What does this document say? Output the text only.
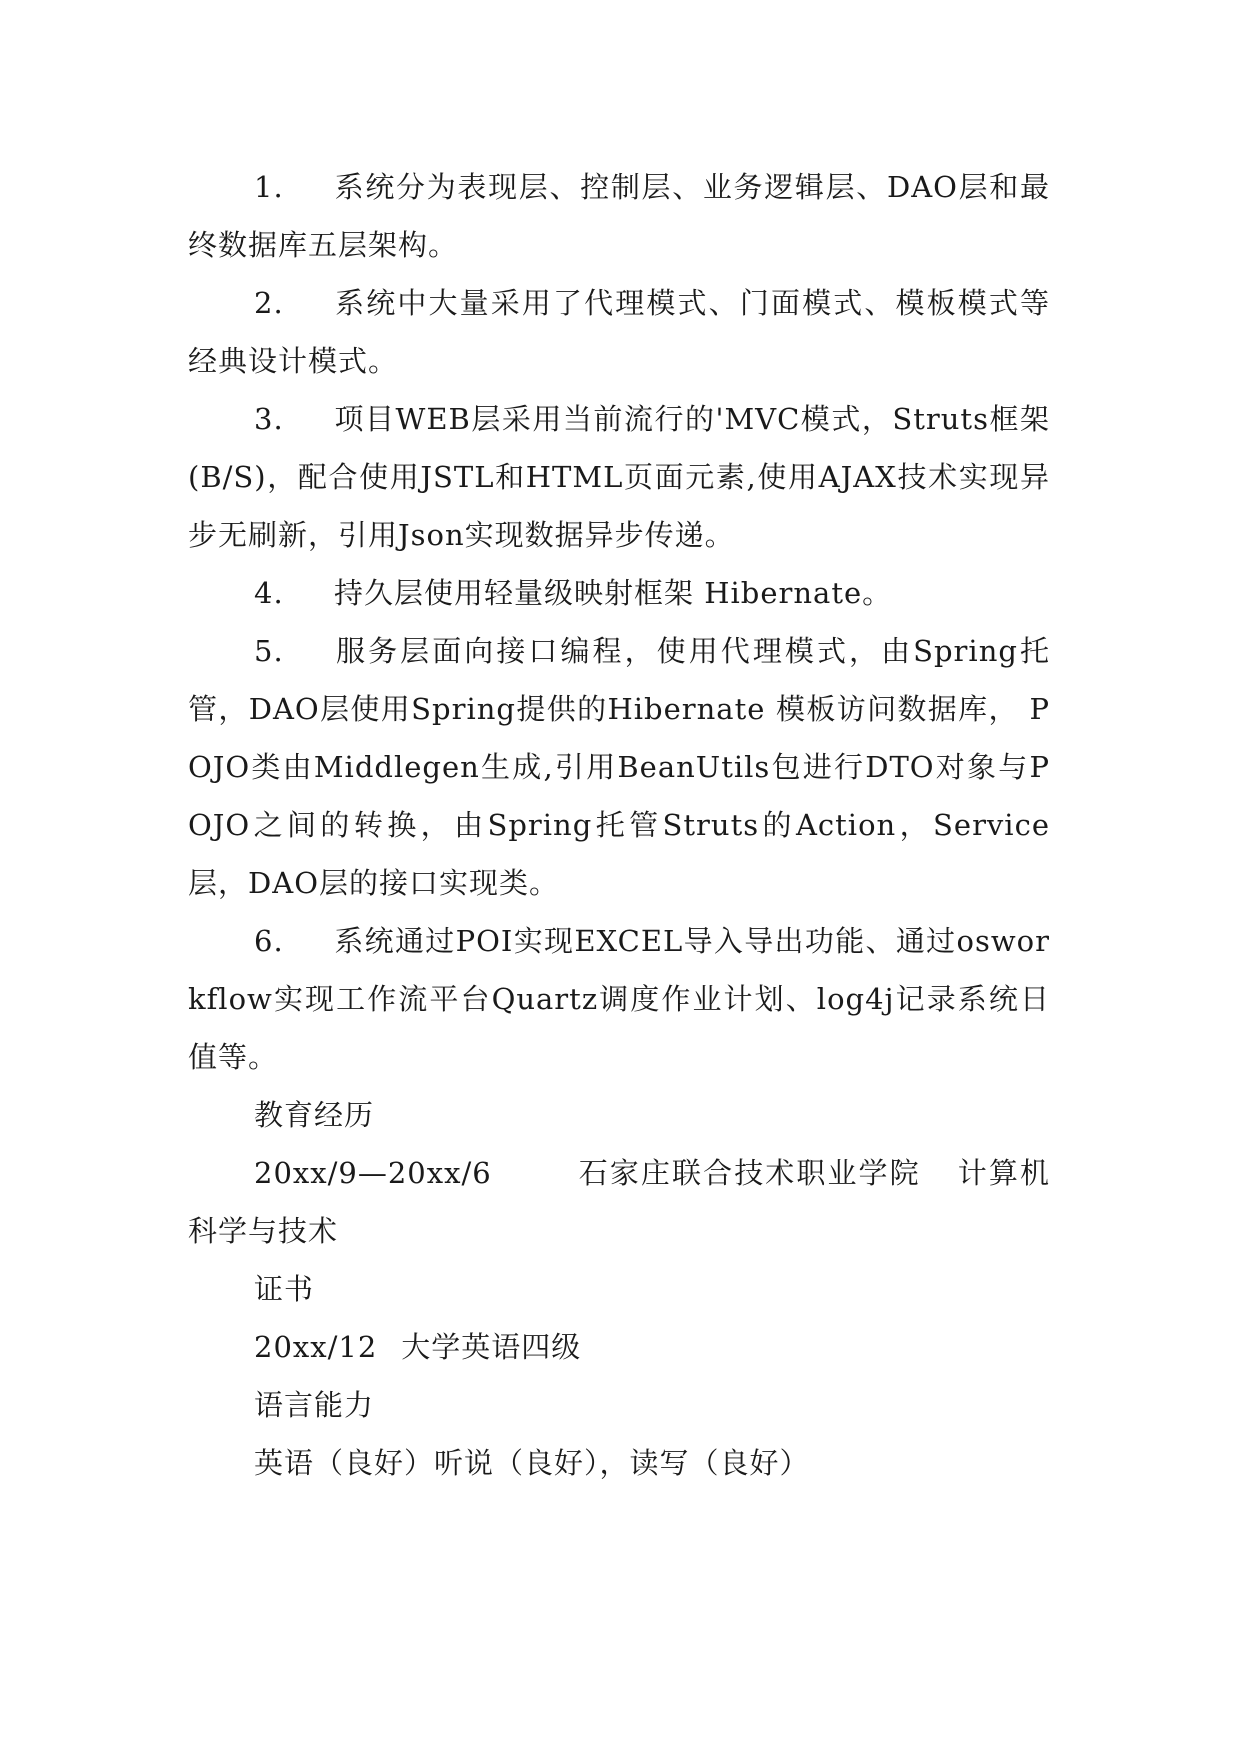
1. 系统分为表现层、控制层、业务逻辑层、DAO层和最终数据库五层架构。

2. 系统中大量采用了代理模式、门面模式、模板模式等经典设计模式。

3. 项目WEB层采用当前流行的'MVC模式，Struts框架(B/S)，配合使用JSTL和HTML页面元素,使用AJAX技术实现异步无刷新，引用Json实现数据异步传递。

4. 持久层使用轻量级映射框架 Hibernate。

5. 服务层面向接口编程，使用代理模式，由Spring托管，DAO层使用Spring提供的Hibernate 模板访问数据库， POJO类由Middlegen生成,引用BeanUtils包进行DTO对象与POJO之间的转换，由Spring托管Struts的Action，Service层，DAO层的接口实现类。

6. 系统通过POI实现EXCEL导入导出功能、通过osworkflow实现工作流平台Quartz调度作业计划、log4j记录系统日值等。

教育经历

20xx/9—20xx/6	石家庄联合技术职业学院 计算机科学与技术

证书

20xx/12 大学英语四级

语言能力

英语（良好）听说（良好），读写（良好）
